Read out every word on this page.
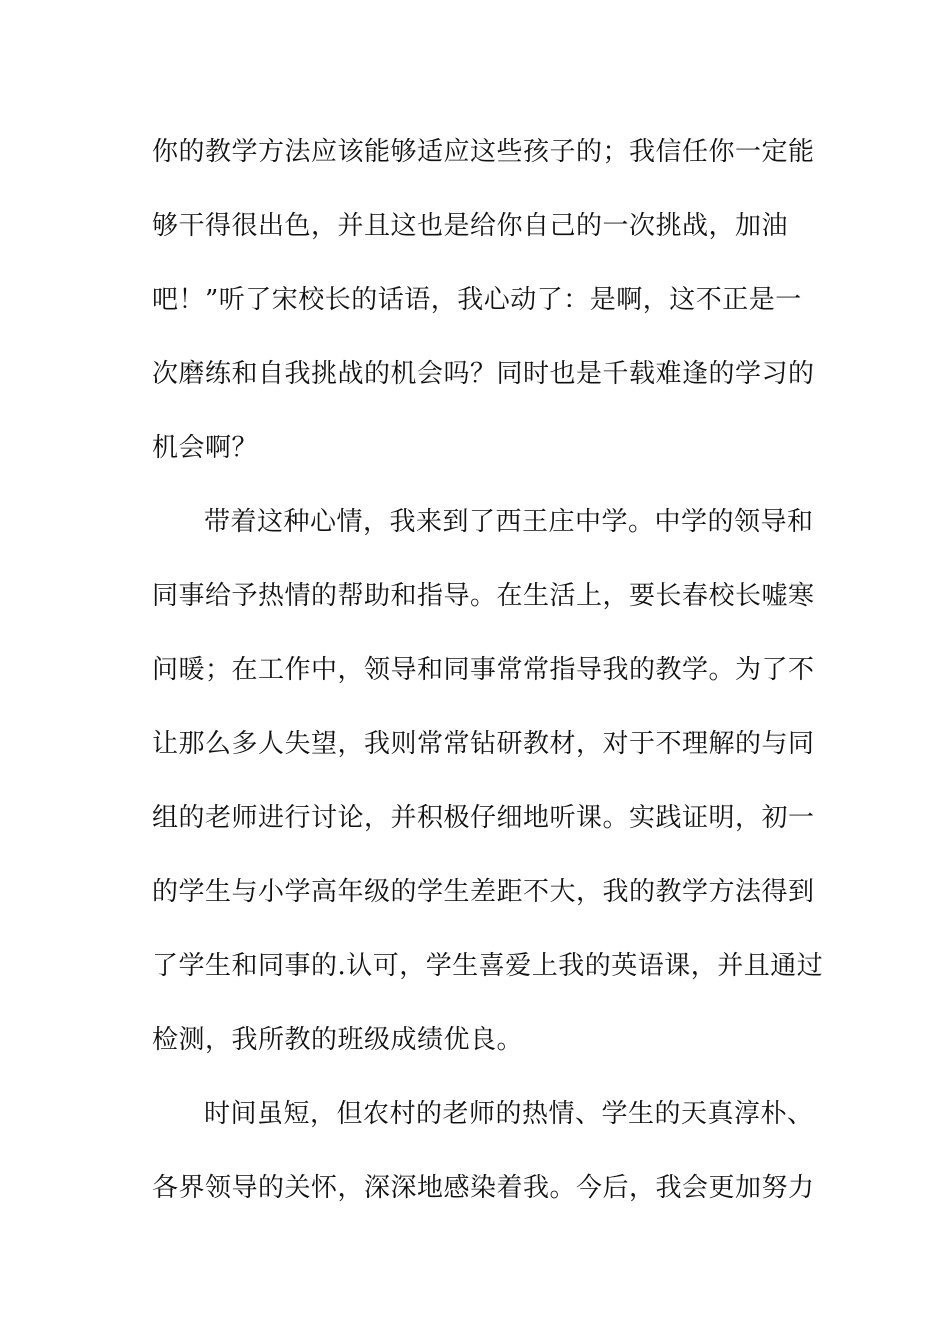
你的教学方法应该能够适应这些孩子的；我信任你一定能
够干得很出色，并且这也是给你自己的一次挑战，加油
吧！”听了宋校长的话语，我心动了：是啊，这不正是一
次磨练和自我挑战的机会吗？同时也是千载难逢的学习的
机会啊？
带着这种心情，我来到了西王庄中学。中学的领导和
同事给予热情的帮助和指导。在生活上，要长春校长嘘寒
问暖；在工作中，领导和同事常常指导我的教学。为了不
让那么多人失望，我则常常钻研教材，对于不理解的与同
组的老师进行讨论，并积极仔细地听课。实践证明，初一
的学生与小学高年级的学生差距不大，我的教学方法得到
了学生和同事的.认可，学生喜爱上我的英语课，并且通过
检测，我所教的班级成绩优良。
时间虽短，但农村的老师的热情、学生的天真淳朴、
各界领导的关怀，深深地感染着我。今后，我会更加努力
